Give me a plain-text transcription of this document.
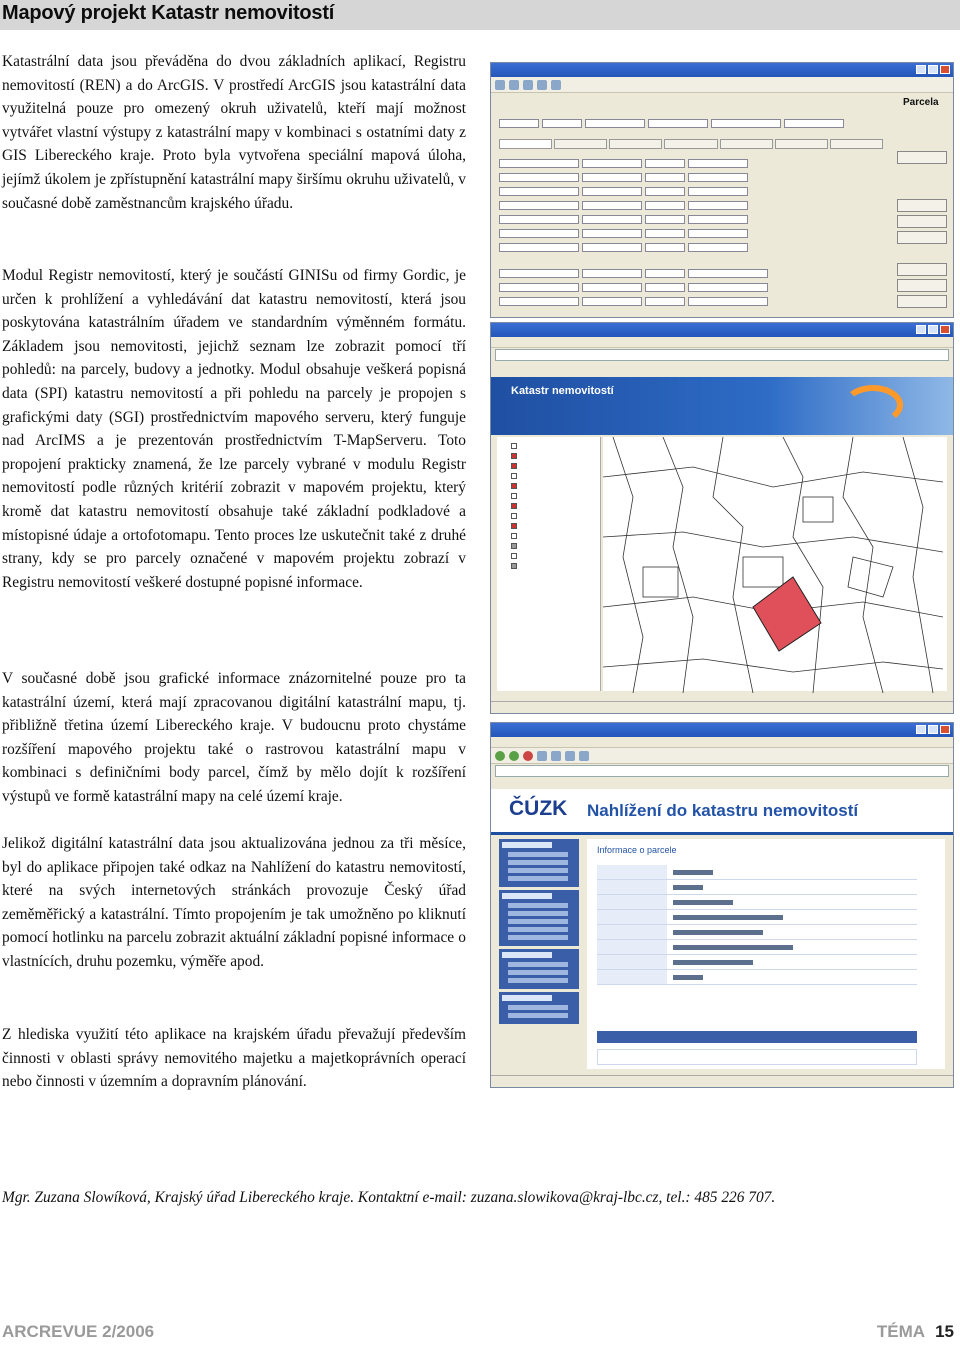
Mapový projekt Katastr nemovitostí

Katastrální data jsou převáděna do dvou základních aplikací, Registru nemovitostí (REN) a do ArcGIS. V prostředí ArcGIS jsou katastrální data využitelná pouze pro omezený okruh uživatelů, kteří mají možnost vytvářet vlastní výstupy z katastrální mapy v kombinaci s ostatními daty z GIS Libereckého kraje. Proto byla vytvořena speciální mapová úloha, jejímž úkolem je zpřístupnění katastrální mapy širšímu okruhu uživatelů, v současné době zaměstnancům krajského úřadu.

Modul Registr nemovitostí, který je součástí GINISu od firmy Gordic, je určen k prohlížení a vyhledávání dat katastru nemovitostí, která jsou poskytována katastrálním úřadem ve standardním výměnném formátu. Základem jsou nemovitosti, jejichž seznam lze zobrazit pomocí tří pohledů: na parcely, budovy a jednotky. Modul obsahuje veškerá popisná data (SPI) katastru nemovitostí a při pohledu na parcely je propojen s grafickými daty (SGI) prostřednictvím mapového serveru, který funguje nad ArcIMS a je prezentován prostřednictvím T-MapServeru. Toto propojení prakticky znamená, že lze parcely vybrané v modulu Registr nemovitostí podle různých kritérií zobrazit v mapovém projektu, který kromě dat katastru nemovitostí obsahuje také základní podkladové a místopisné údaje a ortofotomapu. Tento proces lze uskutečnit také z druhé strany, kdy se pro parcely označené v mapovém projektu zobrazí v Registru nemovitostí veškeré dostupné popisné informace.

V současné době jsou grafické informace znázornitelné pouze pro ta katastrální území, která mají zpracovanou digitální katastrální mapu, tj. přibližně třetina území Libereckého kraje. V budoucnu proto chystáme rozšíření mapového projektu také o rastrovou katastrální mapu v kombinaci s definičními body parcel, čímž by mělo dojít k rozšíření výstupů ve formě katastrální mapy na celé území kraje.

Jelikož digitální katastrální data jsou aktualizována jednou za tři měsíce, byl do aplikace připojen také odkaz na Nahlížení do katastru nemovitostí, které na svých internetových stránkách provozuje Český úřad zeměměřický a katastrální. Tímto propojením je tak umožněno po kliknutí pomocí hotlinku na parcelu zobrazit aktuální základní popisné informace o vlastnících, druhu pozemku, výměře apod.

Z hlediska využití této aplikace na krajském úřadu převažují především činnosti v oblasti správy nemovitého majetku a majetkoprávních operací nebo činnosti v územním a dopravním plánování.

Parcela
Katastr nemovitostí
ČÚZK Nahlížení do katastru nemovitostí
Informace o parcele
Mgr. Zuzana Slowíková, Krajský úřad Libereckého kraje. Kontaktní e-mail: zuzana.slowikova@kraj-lbc.cz, tel.: 485 226 707.
ARCREVUE 2/2006	TÉMA 15
